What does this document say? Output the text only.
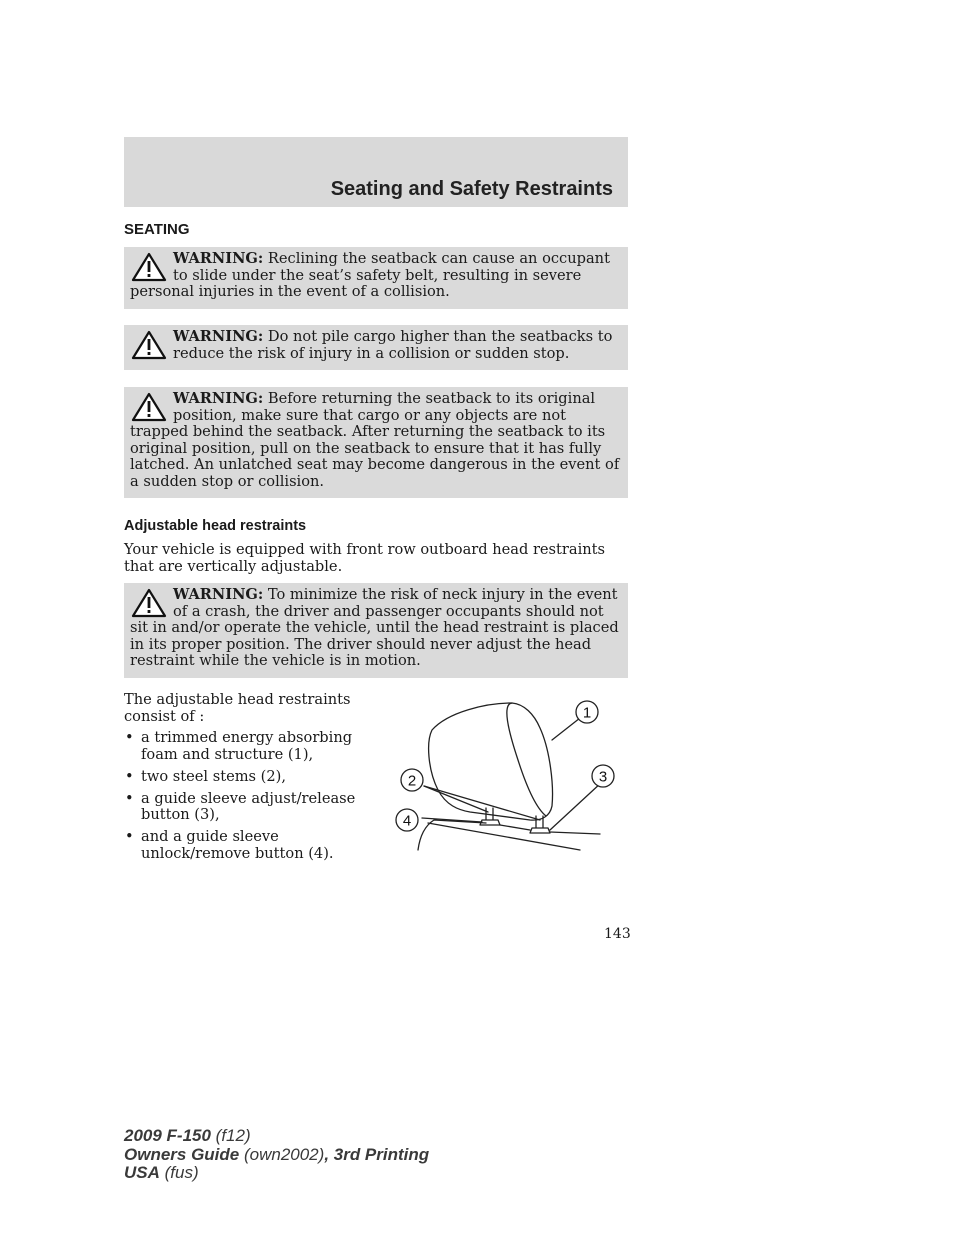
Seating and Safety Restraints
SEATING
WARNING: Reclining the seatback can cause an occupant to slide under the seat’s safety belt, resulting in severe personal injuries in the event of a collision.
WARNING: Do not pile cargo higher than the seatbacks to reduce the risk of injury in a collision or sudden stop.
WARNING: Before returning the seatback to its original position, make sure that cargo or any objects are not trapped behind the seatback. After returning the seatback to its original position, pull on the seatback to ensure that it has fully latched. An unlatched seat may become dangerous in the event of a sudden stop or collision.
Adjustable head restraints
Your vehicle is equipped with front row outboard head restraints that are vertically adjustable.
WARNING: To minimize the risk of neck injury in the event of a crash, the driver and passenger occupants should not sit in and/or operate the vehicle, until the head restraint is placed in its proper position. The driver should never adjust the head restraint while the vehicle is in motion.
The adjustable head restraints consist of :
• a trimmed energy absorbing foam and structure (1),
• two steel stems (2),
• a guide sleeve adjust/release button (3),
• and a guide sleeve unlock/remove button (4).
1
2	3
4
143
2009 F-150 (f12)
Owners Guide (own2002), 3rd Printing
USA (fus)
